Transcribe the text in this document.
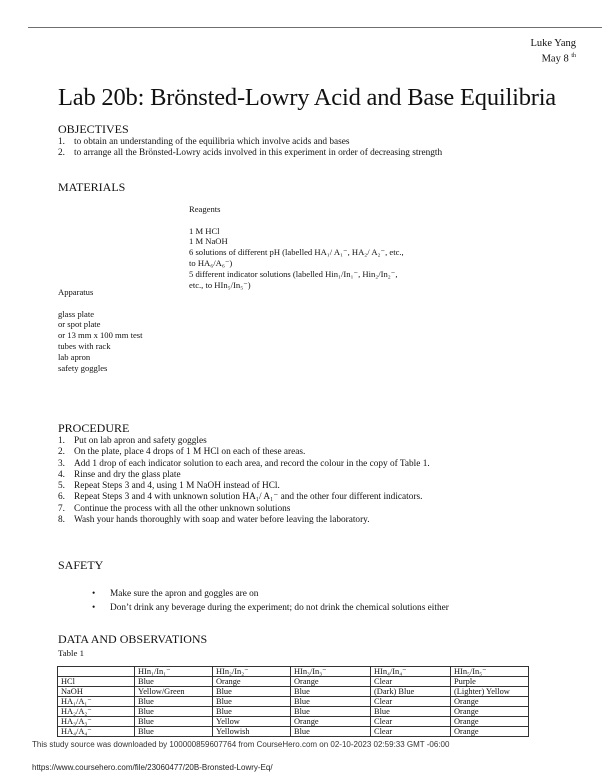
Luke Yang
May 8 $^{th}$
Lab 20b: Brönsted-Lowry Acid and Base Equilibria
OBJECTIVES
1. to obtain an understanding of the equilibria which involve acids and bases
2. to arrange all the Brönsted-Lowry acids involved in this experiment in order of decreasing strength
MATERIALS
Reagents
1 M HCl
1 M NaOH
6 solutions of different pH (labelled HA₁/ A₁⁻, HA₂/ A₂⁻, etc.,
to HA₆/A₆⁻)
5 different indicator solutions (labelled Hin₁/In₁⁻, Hin₂/In₂⁻,
etc., to HIn₅/In₅⁻)
Apparatus
glass plate
or spot plate
or 13 mm x 100 mm test
tubes with rack
lab apron
safety goggles
PROCEDURE
1. Put on lab apron and safety goggles
2. On the plate, place 4 drops of 1 M HCl on each of these areas.
3. Add 1 drop of each indicator solution to each area, and record the colour in the copy of Table 1.
4. Rinse and dry the glass plate
5. Repeat Steps 3 and 4, using 1 M NaOH instead of HCl.
6. Repeat Steps 3 and 4 with unknown solution HA₁/ A₁⁻ and the other four different indicators.
7. Continue the process with all the other unknown solutions
8. Wash your hands thoroughly with soap and water before leaving the laboratory.
SAFETY
•	Make sure the apron and goggles are on
•	Don’t drink any beverage during the experiment; do not drink the chemical solutions either
DATA AND OBSERVATIONS
Table 1
	HIn₁/In₁⁻	HIn₂/In₂⁻	HIn₃/In₃⁻	HIn₄/In₄⁻	HIn₅/In₅⁻
HCl	Blue	Orange	Orange	Clear	Purple
NaOH	Yellow/Green	Blue	Blue	(Dark) Blue	(Lighter) Yellow
HA₁/A₁⁻	Blue	Blue	Blue	Clear	Orange
HA₂/A₂⁻	Blue	Blue	Blue	Blue	Orange
HA₃/A₃⁻	Blue	Yellow	Orange	Clear	Orange
HA₄/A₄⁻	Blue	Yellowish	Blue	Clear	Orange
This study source was downloaded by 100000859607764 from CourseHero.com on 02-10-2023 02:59:33 GMT -06:00
https://www.coursehero.com/file/23060477/20B-Bronsted-Lowry-Eq/
